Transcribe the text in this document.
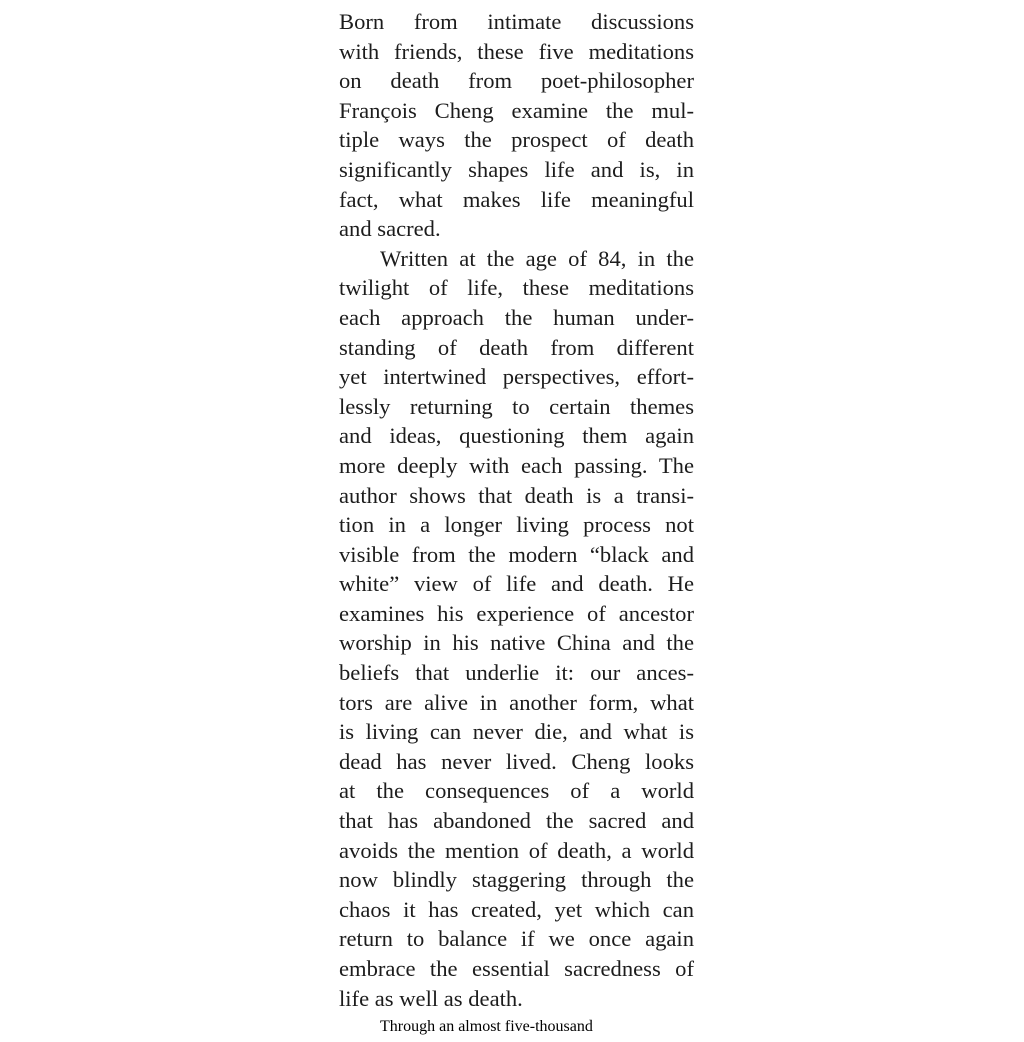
Born from intimate discussions
with friends, these five meditations
on death from poet-philosopher
François Cheng examine the mul-
tiple ways the prospect of death
significantly shapes life and is, in
fact, what makes life meaningful
and sacred.
Written at the age of 84, in the
twilight of life, these meditations
each approach the human under-
standing of death from different
yet intertwined perspectives, effort-
lessly returning to certain themes
and ideas, questioning them again
more deeply with each passing. The
author shows that death is a transi-
tion in a longer living process not
visible from the modern “black and
white” view of life and death. He
examines his experience of ancestor
worship in his native China and the
beliefs that underlie it: our ances-
tors are alive in another form, what
is living can never die, and what is
dead has never lived. Cheng looks
at the consequences of a world
that has abandoned the sacred and
avoids the mention of death, a world
now blindly staggering through the
chaos it has created, yet which can
return to balance if we once again
embrace the essential sacredness of
life as well as death.
Through an almost five-thousand
